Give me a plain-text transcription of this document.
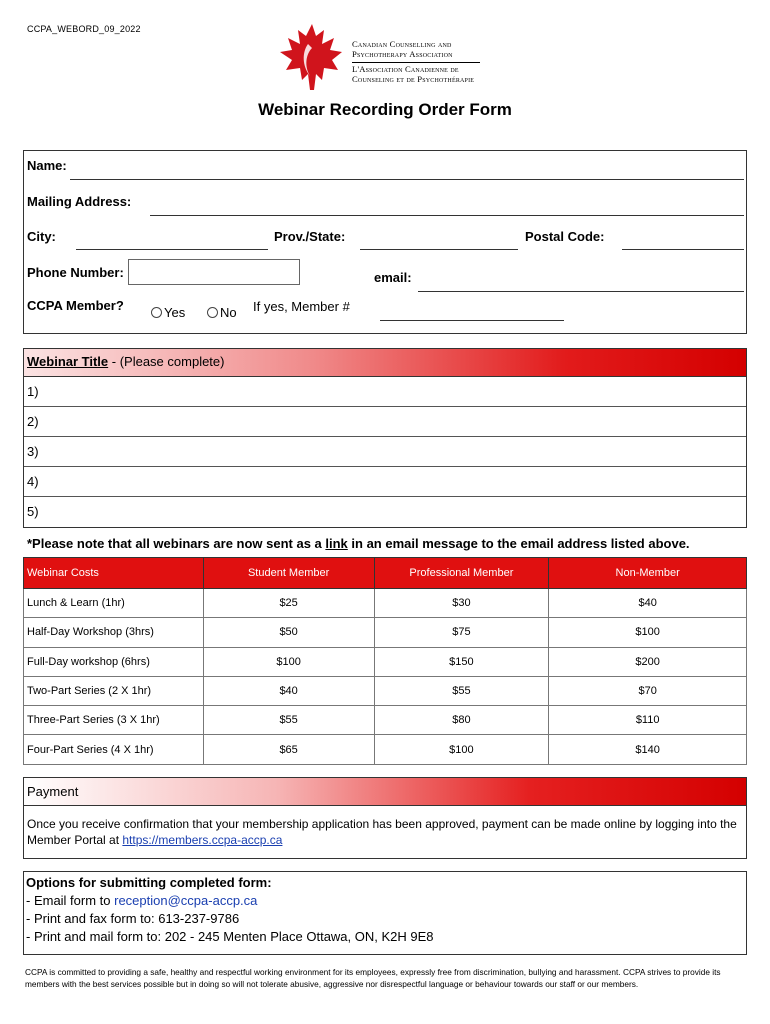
CCPA_WEBORD_09_2022
Canadian Counselling and
Psychotherapy Association
L'Association Canadienne de
Counseling et de Psychothérapie
Webinar Recording Order Form
Name:
Mailing Address:
City:	Prov./State:	Postal Code:
Phone Number:	email:
CCPA Member?	Yes	No If yes, Member #
Webinar Title - (Please complete)
1)
2)
3)
4)
5)
*Please note that all webinars are now sent as a link in an email message to the email address listed above.
Webinar Costs	Student Member	Professional Member	Non-Member
Lunch & Learn (1hr)	$25	$30	$40
Half-Day Workshop (3hrs)	$50	$75	$100
Full-Day workshop (6hrs)	$100	$150	$200
Two-Part Series (2 X 1hr)	$40	$55	$70
Three-Part Series (3 X 1hr)	$55	$80	$110
Four-Part Series (4 X 1hr)	$65	$100	$140
Payment
Once you receive confirmation that your membership application has been approved, payment can be made online by logging into the Member Portal at https://members.ccpa-accp.ca
Options for submitting completed form:
- Email form to reception@ccpa-accp.ca
- Print and fax form to: 613-237-9786
- Print and mail form to: 202 - 245 Menten Place Ottawa, ON, K2H 9E8
CCPA is committed to providing a safe, healthy and respectful working environment for its employees, expressly free from discrimination, bullying and harassment. CCPA strives to provide its members with the best services possible but in doing so will not tolerate abusive, aggressive nor disrespectful language or behaviour towards our staff or our members.
